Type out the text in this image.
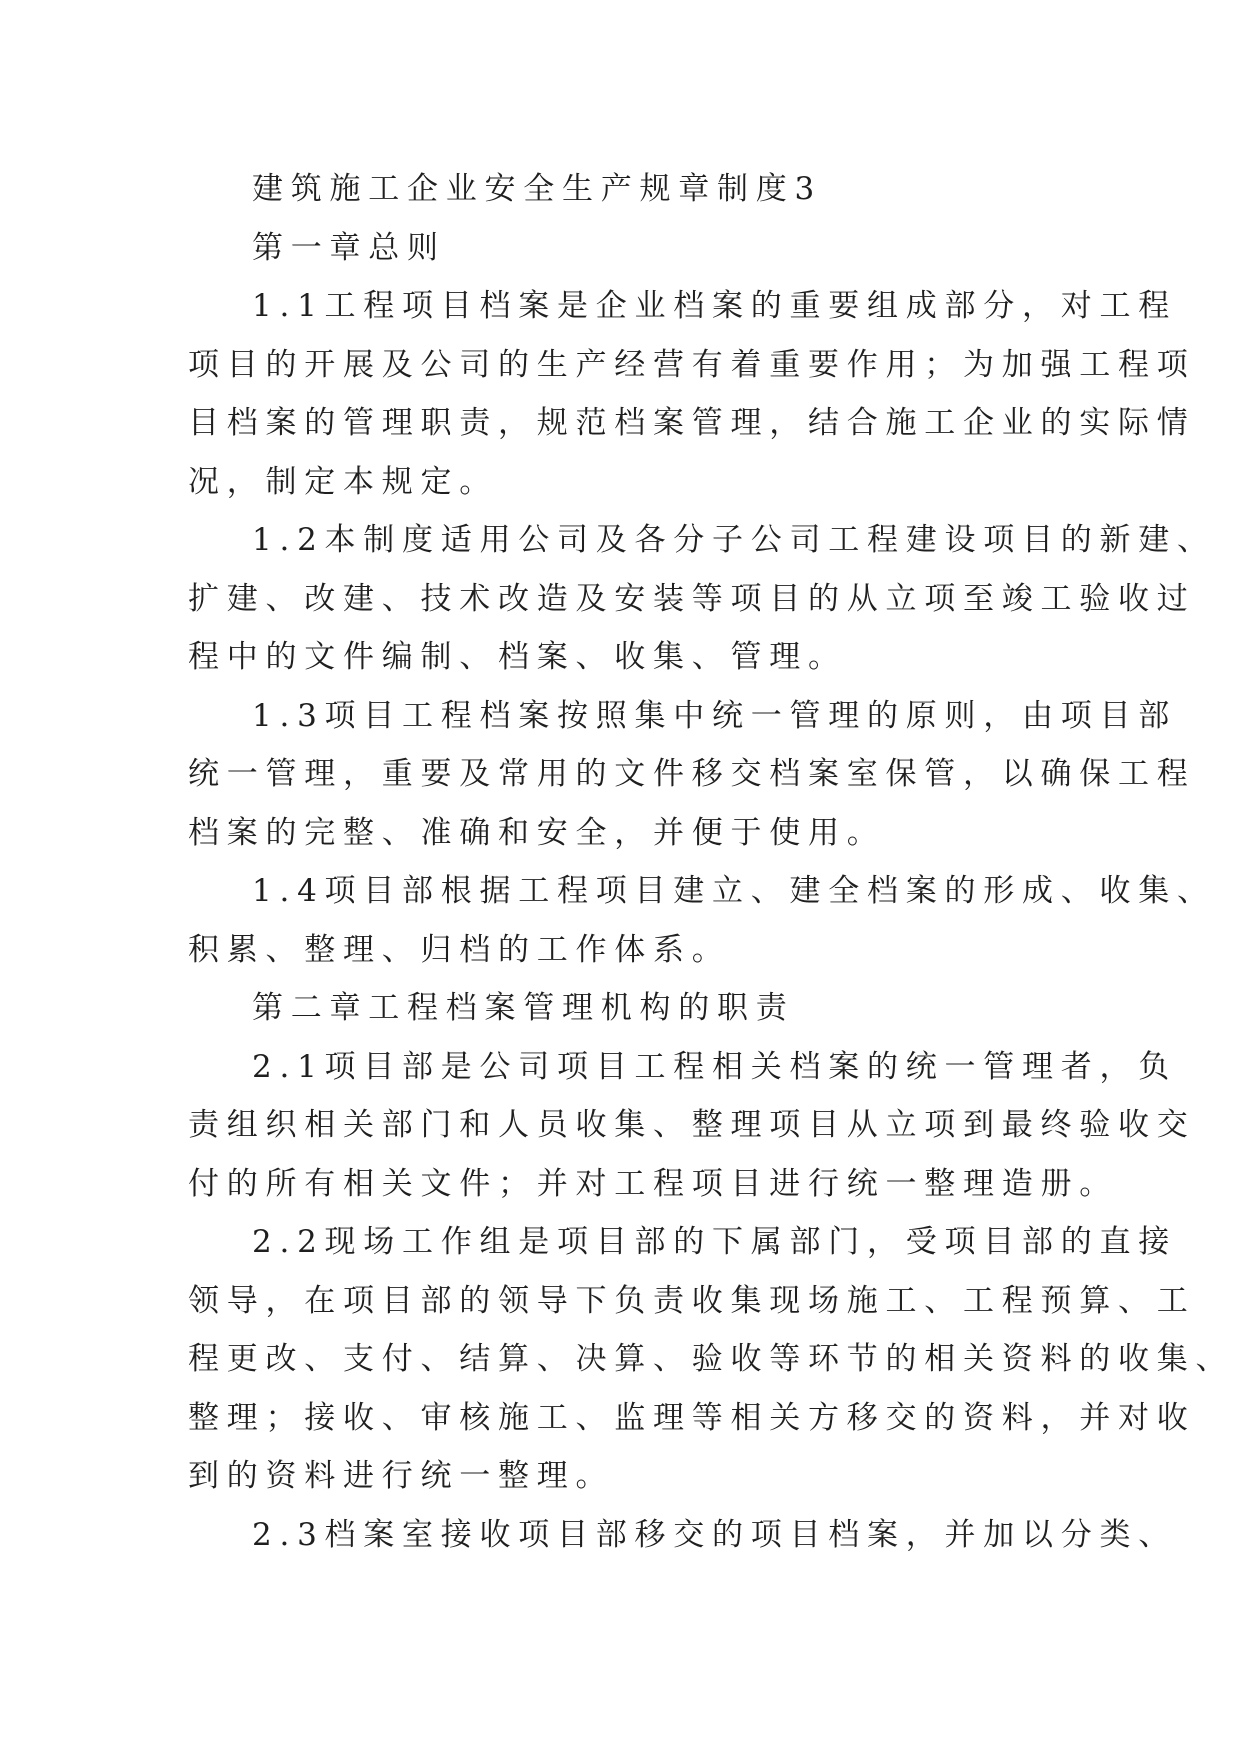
建筑施工企业安全生产规章制度3
第一章总则
1.1工程项目档案是企业档案的重要组成部分，对工程
项目的开展及公司的生产经营有着重要作用；为加强工程项
目档案的管理职责，规范档案管理，结合施工企业的实际情
况，制定本规定。
1.2本制度适用公司及各分子公司工程建设项目的新建、
扩建、改建、技术改造及安装等项目的从立项至竣工验收过
程中的文件编制、档案、收集、管理。
1.3项目工程档案按照集中统一管理的原则，由项目部
统一管理，重要及常用的文件移交档案室保管，以确保工程
档案的完整、准确和安全，并便于使用。
1.4项目部根据工程项目建立、建全档案的形成、收集、
积累、整理、归档的工作体系。
第二章工程档案管理机构的职责
2.1项目部是公司项目工程相关档案的统一管理者，负
责组织相关部门和人员收集、整理项目从立项到最终验收交
付的所有相关文件；并对工程项目进行统一整理造册。
2.2现场工作组是项目部的下属部门，受项目部的直接
领导，在项目部的领导下负责收集现场施工、工程预算、工
程更改、支付、结算、决算、验收等环节的相关资料的收集、
整理；接收、审核施工、监理等相关方移交的资料，并对收
到的资料进行统一整理。
2.3档案室接收项目部移交的项目档案，并加以分类、
